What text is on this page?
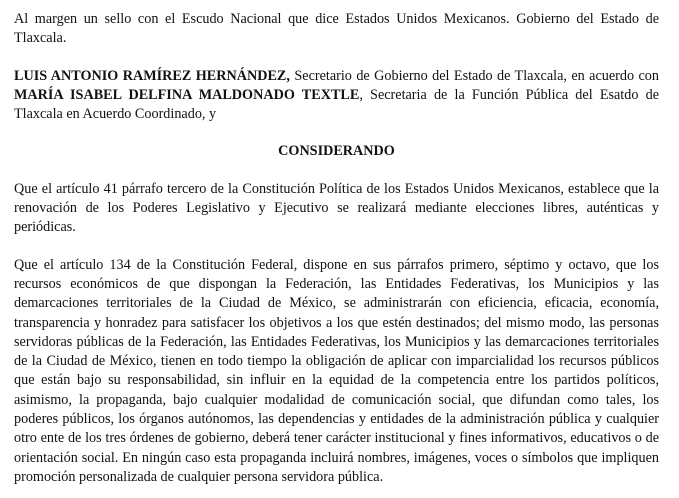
Al margen un sello con el Escudo Nacional que dice Estados Unidos Mexicanos. Gobierno del Estado de Tlaxcala.

LUIS ANTONIO RAMÍREZ HERNÁNDEZ, Secretario de Gobierno del Estado de Tlaxcala, en acuerdo con MARÍA ISABEL DELFINA MALDONADO TEXTLE, Secretaria de la Función Pública del Esatdo de Tlaxcala en Acuerdo Coordinado, y

CONSIDERANDO

Que el artículo 41 párrafo tercero de la Constitución Política de los Estados Unidos Mexicanos, establece que la renovación de los Poderes Legislativo y Ejecutivo se realizará mediante elecciones libres, auténticas y periódicas.

Que el artículo 134 de la Constitución Federal, dispone en sus párrafos primero, séptimo y octavo, que los recursos económicos de que dispongan la Federación, las Entidades Federativas, los Municipios y las demarcaciones territoriales de la Ciudad de México, se administrarán con eficiencia, eficacia, economía, transparencia y honradez para satisfacer los objetivos a los que estén destinados; del mismo modo, las personas servidoras públicas de la Federación, las Entidades Federativas, los Municipios y las demarcaciones territoriales de la Ciudad de México, tienen en todo tiempo la obligación de aplicar con imparcialidad los recursos públicos que están bajo su responsabilidad, sin influir en la equidad de la competencia entre los partidos políticos, asimismo, la propaganda, bajo cualquier modalidad de comunicación social, que difundan como tales, los poderes públicos, los órganos autónomos, las dependencias y entidades de la administración pública y cualquier otro ente de los tres órdenes de gobierno, deberá tener carácter institucional y fines informativos, educativos o de orientación social. En ningún caso esta propaganda incluirá nombres, imágenes, voces o símbolos que impliquen promoción personalizada de cualquier persona servidora pública.
